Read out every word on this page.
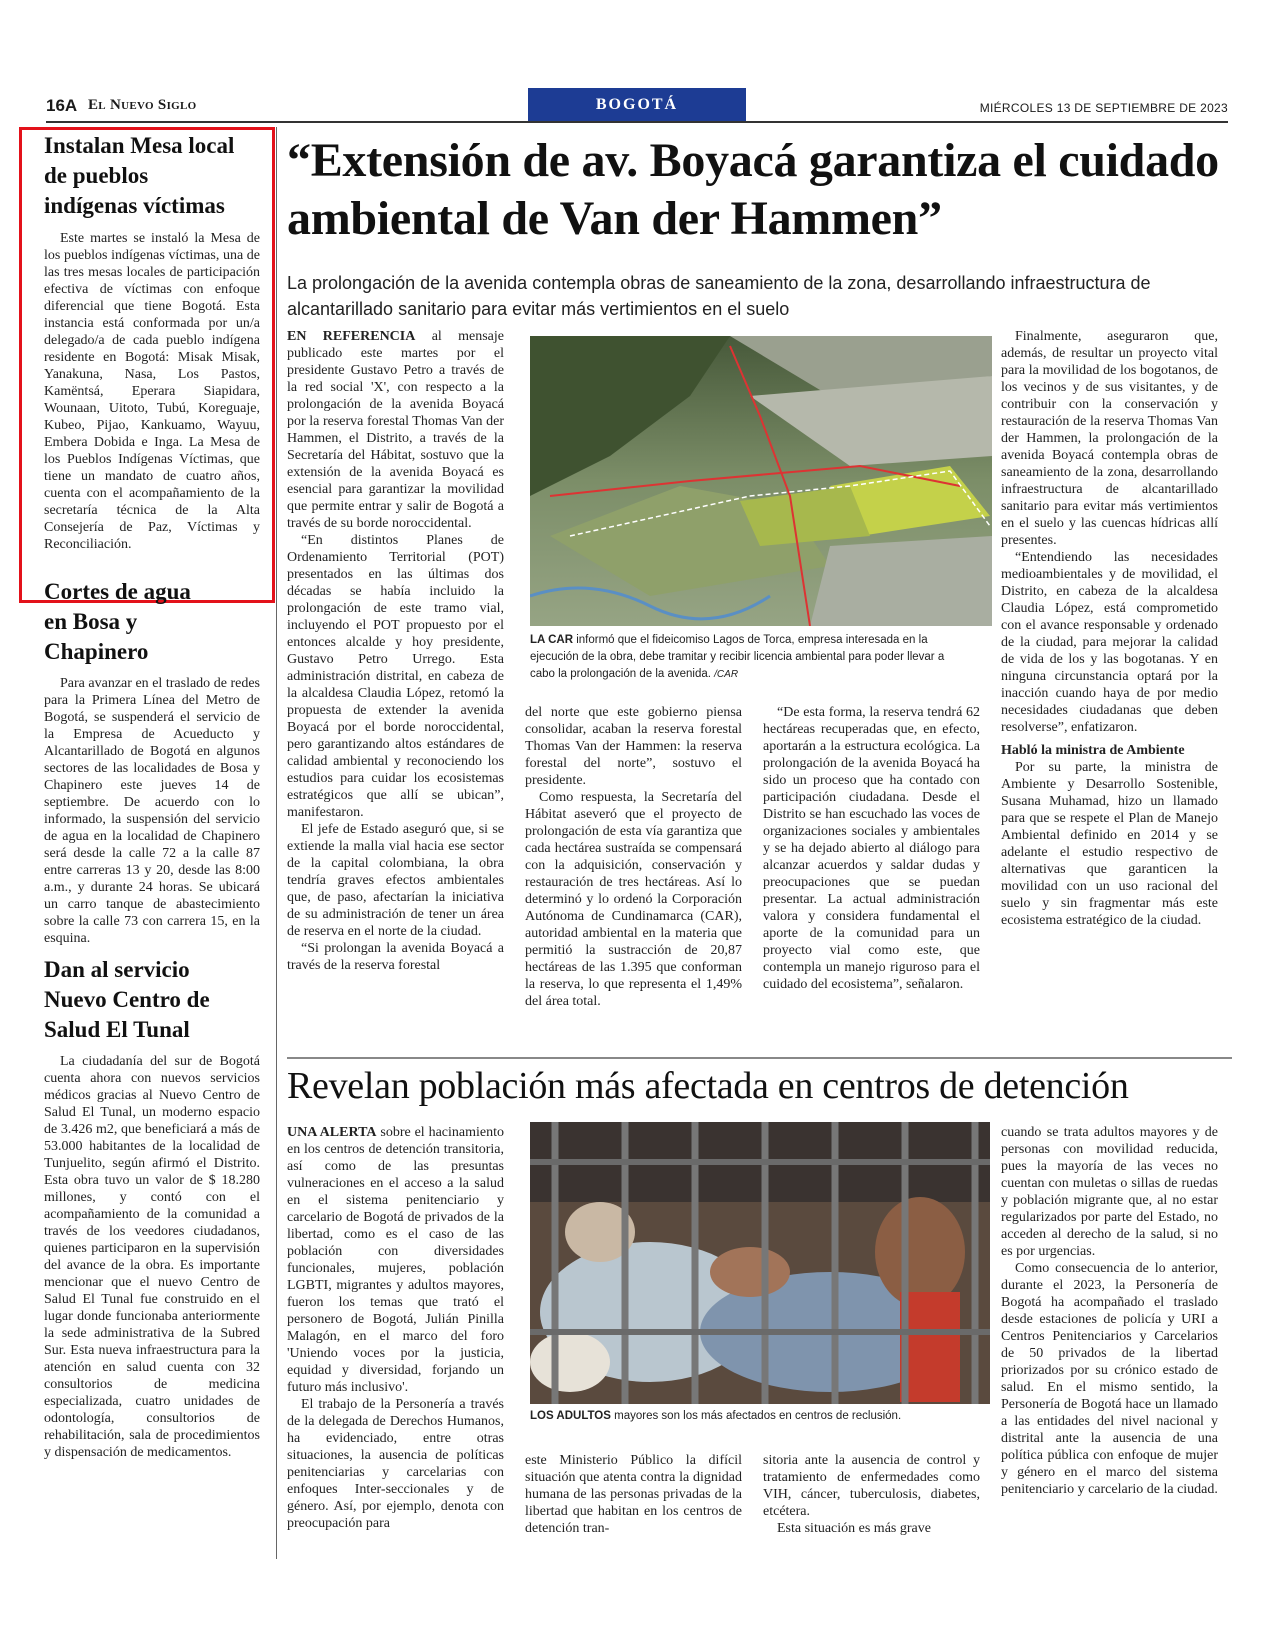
16A El Nuevo Siglo	BOGOTÁ	MIÉRCOLES 13 DE SEPTIEMBRE DE 2023
Instalan Mesa local de pueblos indígenas víctimas
Este martes se instaló la Mesa de los pueblos indígenas víctimas, una de las tres mesas locales de participación efectiva de víctimas con enfoque diferencial que tiene Bogotá. Esta instancia está conformada por un/a delegado/a de cada pueblo indígena residente en Bogotá: Misak Misak, Yanakuna, Nasa, Los Pastos, Kamëntsá, Eperara Siapidara, Wounaan, Uitoto, Tubú, Koreguaje, Kubeo, Pijao, Kankuamo, Wayuu, Embera Dobida e Inga. La Mesa de los Pueblos Indígenas Víctimas, que tiene un mandato de cuatro años, cuenta con el acompañamiento de la secretaría técnica de la Alta Consejería de Paz, Víctimas y Reconciliación.
Cortes de agua en Bosa y Chapinero
Para avanzar en el traslado de redes para la Primera Línea del Metro de Bogotá, se suspenderá el servicio de la Empresa de Acueducto y Alcantarillado de Bogotá en algunos sectores de las localidades de Bosa y Chapinero este jueves 14 de septiembre. De acuerdo con lo informado, la suspensión del servicio de agua en la localidad de Chapinero será desde la calle 72 a la calle 87 entre carreras 13 y 20, desde las 8:00 a.m., y durante 24 horas. Se ubicará un carro tanque de abastecimiento sobre la calle 73 con carrera 15, en la esquina.
Dan al servicio Nuevo Centro de Salud El Tunal
La ciudadanía del sur de Bogotá cuenta ahora con nuevos servicios médicos gracias al Nuevo Centro de Salud El Tunal, un moderno espacio de 3.426 m2, que beneficiará a más de 53.000 habitantes de la localidad de Tunjuelito, según afirmó el Distrito. Esta obra tuvo un valor de $ 18.280 millones, y contó con el acompañamiento de la comunidad a través de los veedores ciudadanos, quienes participaron en la supervisión del avance de la obra. Es importante mencionar que el nuevo Centro de Salud El Tunal fue construido en el lugar donde funcionaba anteriormente la sede administrativa de la Subred Sur. Esta nueva infraestructura para la atención en salud cuenta con 32 consultorios de medicina especializada, cuatro unidades de odontología, consultorios de rehabilitación, sala de procedimientos y dispensación de medicamentos.
“Extensión de av. Boyacá garantiza el cuidado ambiental de Van der Hammen”
La prolongación de la avenida contempla obras de saneamiento de la zona, desarrollando infraestructura de alcantarillado sanitario para evitar más vertimientos en el suelo

EN REFERENCIA al mensaje publicado este martes por el presidente Gustavo Petro a través de la red social 'X', con respecto a la prolongación de la avenida Boyacá por la reserva forestal Thomas Van der Hammen, el Distrito, a través de la Secretaría del Hábitat, sostuvo que la extensión de la avenida Boyacá es esencial para garantizar la movilidad que permite entrar y salir de Bogotá a través de su borde noroccidental.

“En distintos Planes de Ordenamiento Territorial (POT) presentados en las últimas dos décadas se había incluido la prolongación de este tramo vial, incluyendo el POT propuesto por el entonces alcalde y hoy presidente, Gustavo Petro Urrego. Esta administración distrital, en cabeza de la alcaldesa Claudia López, retomó la propuesta de extender la avenida Boyacá por el borde noroccidental, pero garantizando altos estándares de calidad ambiental y reconociendo los estudios para cuidar los ecosistemas estratégicos que allí se ubican”, manifestaron.

El jefe de Estado aseguró que, si se extiende la malla vial hacia ese sector de la capital colombiana, la obra tendría graves efectos ambientales que, de paso, afectarían la iniciativa de su administración de tener un área de reserva en el norte de la ciudad.

“Si prolongan la avenida Boyacá a través de la reserva forestal

LA CAR informó que el fideicomiso Lagos de Torca, empresa interesada en la ejecución de la obra, debe tramitar y recibir licencia ambiental para poder llevar a cabo la prolongación de la avenida. /CAR

del norte que este gobierno piensa consolidar, acaban la reserva forestal Thomas Van der Hammen: la reserva forestal del norte”, sostuvo el presidente.

Como respuesta, la Secretaría del Hábitat aseveró que el proyecto de prolongación de esta vía garantiza que cada hectárea sustraída se compensará con la adquisición, conservación y restauración de tres hectáreas. Así lo determinó y lo ordenó la Corporación Autónoma de Cundinamarca (CAR), autoridad ambiental en la materia que permitió la sustracción de 20,87 hectáreas de las 1.395 que conforman la reserva, lo que representa el 1,49% del área total.

“De esta forma, la reserva tendrá 62 hectáreas recuperadas que, en efecto, aportarán a la estructura ecológica. La prolongación de la avenida Boyacá ha sido un proceso que ha contado con participación ciudadana. Desde el Distrito se han escuchado las voces de organizaciones sociales y ambientales y se ha dejado abierto al diálogo para alcanzar acuerdos y saldar dudas y preocupaciones que se puedan presentar. La actual administración valora y considera fundamental el aporte de la comunidad para un proyecto vial como este, que contempla un manejo riguroso para el cuidado del ecosistema”, señalaron.

Finalmente, aseguraron que, además, de resultar un proyecto vital para la movilidad de los bogotanos, de los vecinos y de sus visitantes, y de contribuir con la conservación y restauración de la reserva Thomas Van der Hammen, la prolongación de la avenida Boyacá contempla obras de saneamiento de la zona, desarrollando infraestructura de alcantarillado sanitario para evitar más vertimientos en el suelo y las cuencas hídricas allí presentes.

“Entendiendo las necesidades medioambientales y de movilidad, el Distrito, en cabeza de la alcaldesa Claudia López, está comprometido con el avance responsable y ordenado de la ciudad, para mejorar la calidad de vida de los y las bogotanas. Y en ninguna circunstancia optará por la inacción cuando haya de por medio necesidades ciudadanas que deben resolverse”, enfatizaron.

Habló la ministra de Ambiente

Por su parte, la ministra de Ambiente y Desarrollo Sostenible, Susana Muhamad, hizo un llamado para que se respete el Plan de Manejo Ambiental definido en 2014 y se adelante el estudio respectivo de alternativas que garanticen la movilidad con un uso racional del suelo y sin fragmentar más este ecosistema estratégico de la ciudad.

Revelan población más afectada en centros de detención

UNA ALERTA sobre el hacinamiento en los centros de detención transitoria, así como de las presuntas vulneraciones en el acceso a la salud en el sistema penitenciario y carcelario de Bogotá de privados de la libertad, como es el caso de las población con diversidades funcionales, mujeres, población LGBTI, migrantes y adultos mayores, fueron los temas que trató el personero de Bogotá, Julián Pinilla Malagón, en el marco del foro 'Uniendo voces por la justicia, equidad y diversidad, forjando un futuro más inclusivo'.

El trabajo de la Personería a través de la delegada de Derechos Humanos, ha evidenciado, entre otras situaciones, la ausencia de políticas penitenciarias y carcelarias con enfoques Inter-seccionales y de género. Así, por ejemplo, denota con preocupación para

LOS ADULTOS mayores son los más afectados en centros de reclusión.

este Ministerio Público la difícil situación que atenta contra la dignidad humana de las personas privadas de la libertad que habitan en los centros de detención tran-

sitoria ante la ausencia de control y tratamiento de enfermedades como VIH, cáncer, tuberculosis, diabetes, etcétera.

Esta situación es más grave

cuando se trata adultos mayores y de personas con movilidad reducida, pues la mayoría de las veces no cuentan con muletas o sillas de ruedas y población migrante que, al no estar regularizados por parte del Estado, no acceden al derecho de la salud, si no es por urgencias.

Como consecuencia de lo anterior, durante el 2023, la Personería de Bogotá ha acompañado el traslado desde estaciones de policía y URI a Centros Penitenciarios y Carcelarios de 50 privados de la libertad priorizados por su crónico estado de salud. En el mismo sentido, la Personería de Bogotá hace un llamado a las entidades del nivel nacional y distrital ante la ausencia de una política pública con enfoque de mujer y género en el marco del sistema penitenciario y carcelario de la ciudad.
